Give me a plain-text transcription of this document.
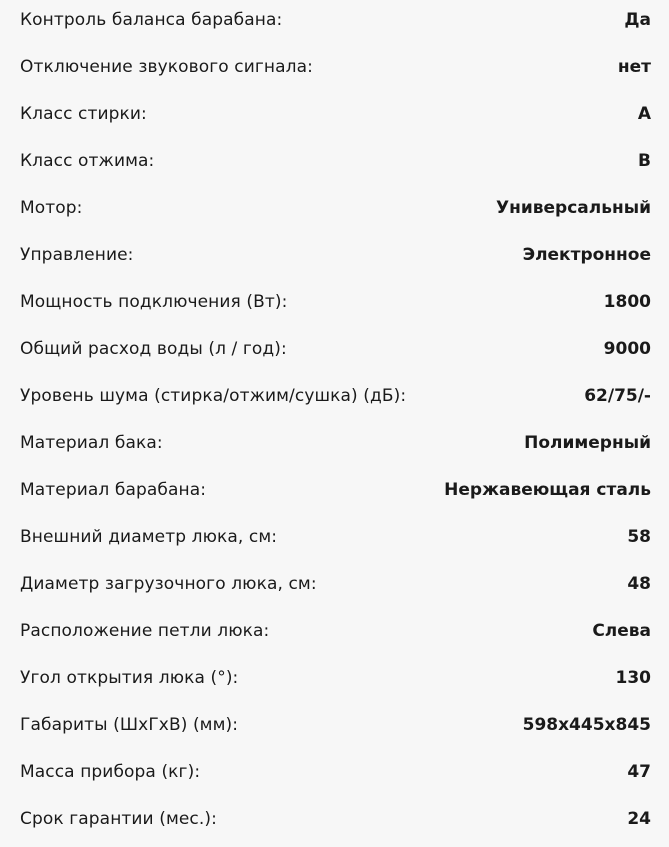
Контроль баланса барабана:	Да
Отключение звукового сигнала:	нет
Класс стирки:	A
Класс отжима:	B
Мотор:	Универсальный
Управление:	Электронное
Мощность подключения (Вт):	1800
Общий расход воды (л / год):	9000
Уровень шума (стирка/отжим/сушка) (дБ):	62/75/-
Материал бака:	Полимерный
Материал барабана:	Нержавеющая сталь
Внешний диаметр люка, см:	58
Диаметр загрузочного люка, см:	48
Расположение петли люка:	Слева
Угол открытия люка (°):	130
Габариты (ШхГхВ) (мм):	598х445х845
Масса прибора (кг):	47
Срок гарантии (мес.):	24
